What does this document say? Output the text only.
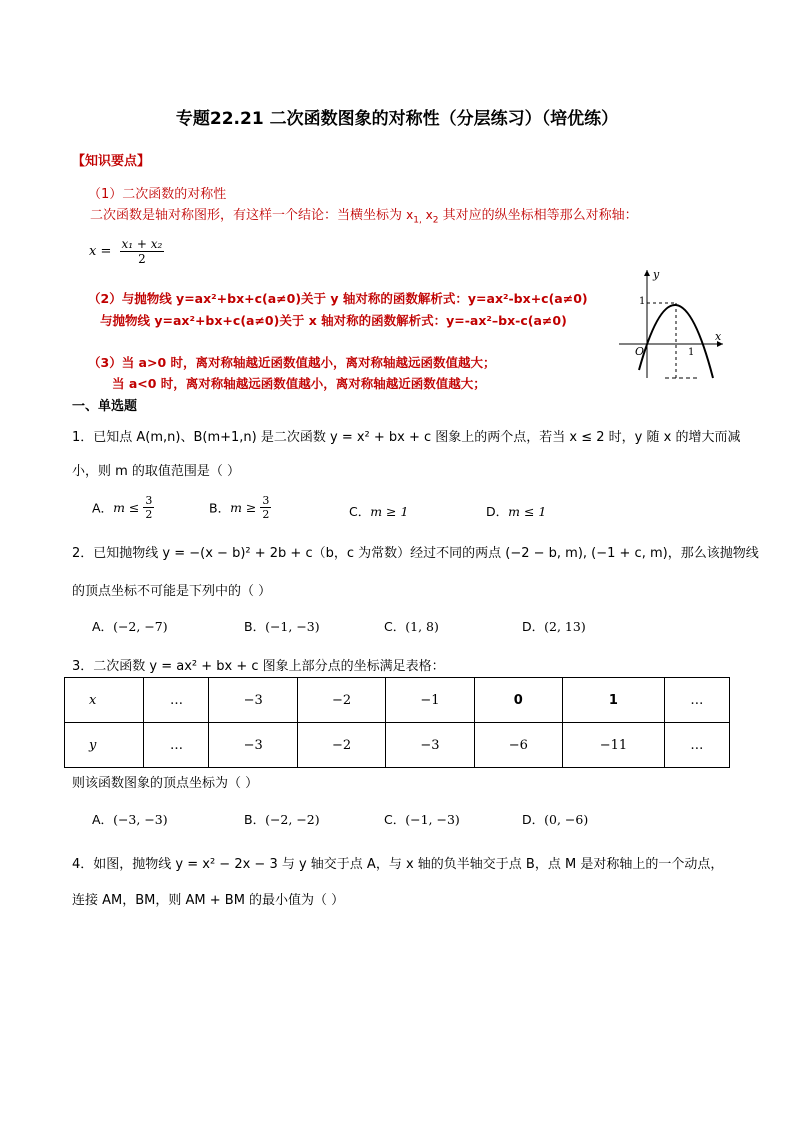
专题22.21 二次函数图象的对称性（分层练习）（培优练）
【知识要点】
（1）二次函数的对称性
二次函数是轴对称图形，有这样一个结论：当横坐标为 $x_{1,}$ $x_2$ 其对应的纵坐标相等那么对称轴：
$x = \frac{\text{x₁ + x₂}}{2}$
（2）与抛物线 y=ax²+bx+c(a≠0)关于 y 轴对称的函数解析式：y=ax²-bx+c(a≠0)
与抛物线 y=ax²+bx+c(a≠0)关于 x 轴对称的函数解析式：y=-ax²–bx-c(a≠0)
（3）当 a>0 时，离对称轴越近函数值越小，离对称轴越远函数值越大；
当 a<0 时，离对称轴越远函数值越小，离对称轴越近函数值越大；
y
x
O
1
1
一、单选题
1．已知点 A(m,n)、B(m+1,n) 是二次函数 y = x² + bx + c 图象上的两个点，若当 x ≤ 2 时，y 随 x 的增大而减
小，则 m 的取值范围是（ ）
A．$m \le \frac{3}{2}$	B．$m \ge \frac{3}{2}$	C．m ≥ 1	D．m ≤ 1
2．已知抛物线 y = −(x − b)² + 2b + c（b，c 为常数）经过不同的两点 (−2 − b, m), (−1 + c, m)，那么该抛物线
的顶点坐标不可能是下列中的（ ）
A．(−2, −7)	B．(−1, −3)	C．(1, 8)	D．(2, 13)
3．二次函数 y = ax² + bx + c 图象上部分点的坐标满足表格：
x	…	−3	−2	−1	0	1	…
y	…	−3	−2	−3	−6	−11	…
则该函数图象的顶点坐标为（ ）
A．(−3, −3)	B．(−2, −2)	C．(−1, −3)	D．(0, −6)
4．如图，抛物线 y = x² − 2x − 3 与 y 轴交于点 A，与 x 轴的负半轴交于点 B，点 M 是对称轴上的一个动点，
连接 AM，BM，则 AM + BM 的最小值为（ ）
